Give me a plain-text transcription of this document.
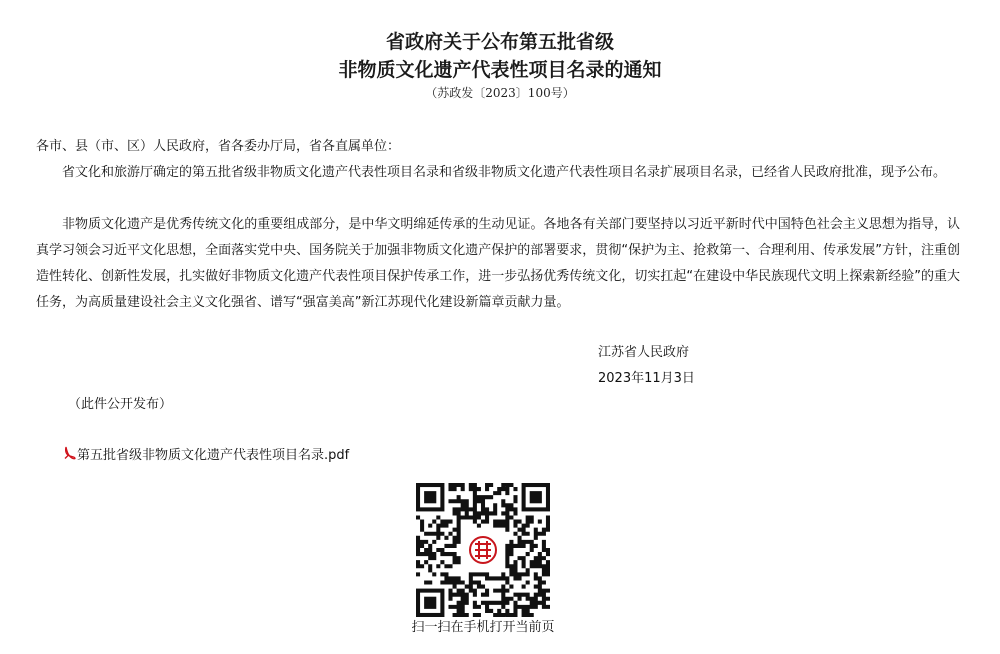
省政府关于公布第五批省级
非物质文化遗产代表性项目名录的通知
（苏政发〔2023〕100号）
各市、县（市、区）人民政府，省各委办厅局，省各直属单位：
省文化和旅游厅确定的第五批省级非物质文化遗产代表性项目名录和省级非物质文化遗产代表性项目名录扩展项目名录，已经省人民政府批准，现予公布。
非物质文化遗产是优秀传统文化的重要组成部分，是中华文明绵延传承的生动见证。各地各有关部门要坚持以习近平新时代中国特色社会主义思想为指导，认真学习领会习近平文化思想，全面落实党中央、国务院关于加强非物质文化遗产保护的部署要求，贯彻“保护为主、抢救第一、合理利用、传承发展”方针，注重创造性转化、创新性发展，扎实做好非物质文化遗产代表性项目保护传承工作，进一步弘扬优秀传统文化，切实扛起“在建设中华民族现代文明上探索新经验”的重大任务，为高质量建设社会主义文化强省、谱写“强富美高”新江苏现代化建设新篇章贡献力量。
江苏省人民政府
2023年11月3日
（此件公开发布）
第五批省级非物质文化遗产代表性项目名录.pdf
扫一扫在手机打开当前页
